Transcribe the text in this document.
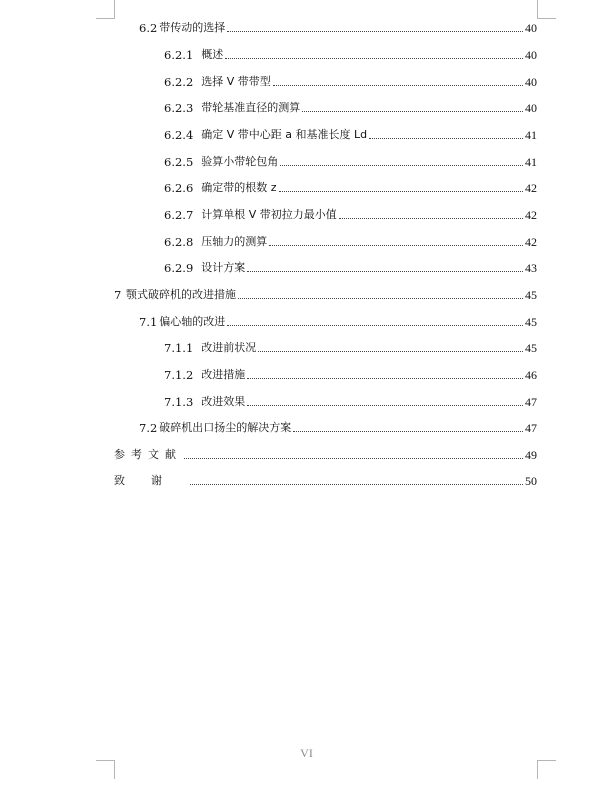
6.2 带传动的选择	40
6.2.1 概述	40
6.2.2 选择 V 带带型	40
6.2.3 带轮基准直径的测算	40
6.2.4 确定 V 带中心距 a 和基准长度 Ld	41
6.2.5 验算小带轮包角	41
6.2.6 确定带的根数 z	42
6.2.7 计算单根 V 带初拉力最小值	42
6.2.8 压轴力的测算	42
6.2.9 设计方案	43
7 颚式破碎机的改进措施	45
7.1 偏心轴的改进	45
7.1.1 改进前状况	45
7.1.2 改进措施	46
7.1.3 改进效果	47
7.2 破碎机出口扬尘的解决方案	47
参考文献	49
致谢	50
VI
